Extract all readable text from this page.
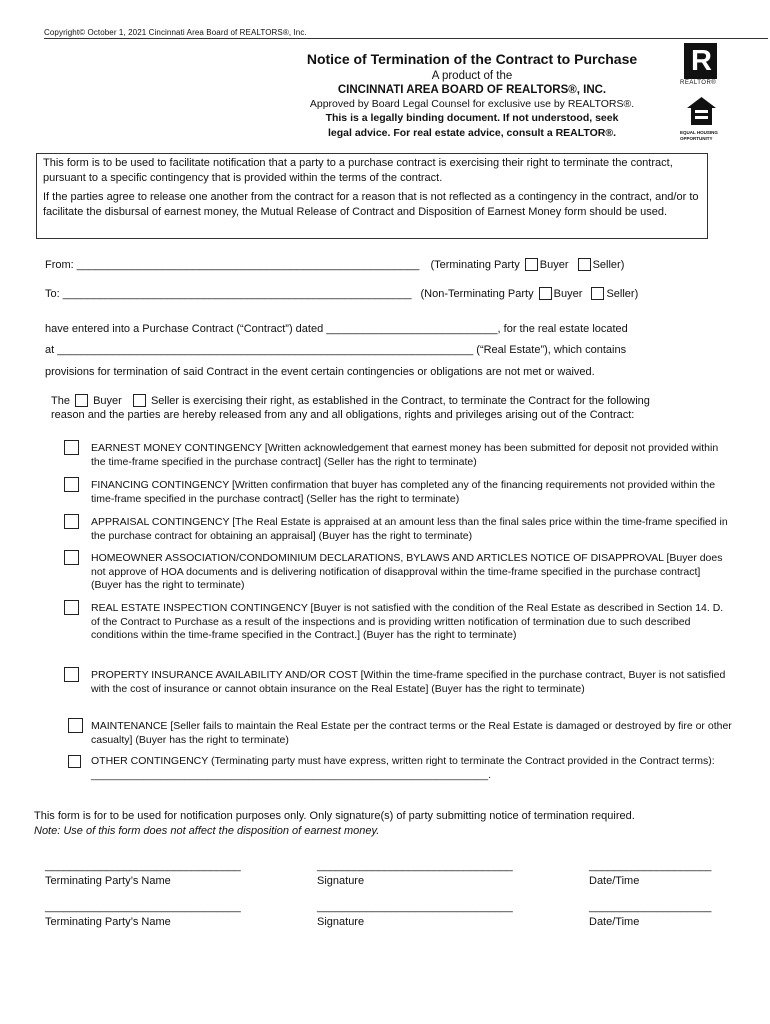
Copyright© October 1, 2021 Cincinnati Area Board of REALTORS®, Inc.
Notice of Termination of the Contract to Purchase
A product of the
CINCINNATI AREA BOARD OF REALTORS®, INC.
Approved by Board Legal Counsel for exclusive use by REALTORS®.
This is a legally binding document. If not understood, seek
legal advice. For real estate advice, consult a REALTOR®.
R
REALTOR®
EQUAL HOUSING
OPPORTUNITY

This form is to be used to facilitate notification that a party to a purchase contract is exercising their right to terminate the contract, pursuant to a specific contingency that is provided within the terms of the contract.

If the parties agree to release one another from the contract for a reason that is not reflected as a contingency in the contract, and/or to facilitate the disbursal of earnest money, the Mutual Release of Contract and Disposition of Earnest Money form should be used.

From: ________________________________________________________ (Terminating Party Buyer Seller)
To: _________________________________________________________ (Non-Terminating Party Buyer Seller)
have entered into a Purchase Contract (“Contract”) dated ____________________________, for the real estate located
at ____________________________________________________________________ (“Real Estate”), which contains
provisions for termination of said Contract in the event certain contingencies or obligations are not met or waived.
The Buyer	Seller is exercising their right, as established in the Contract, to terminate the Contract for the following
reason and the parties are hereby released from any and all obligations, rights and privileges arising out of the Contract:
EARNEST MONEY CONTINGENCY [Written acknowledgement that earnest money has been submitted for deposit not provided within the time-frame specified in the purchase contract] (Seller has the right to terminate)
FINANCING CONTINGENCY [Written confirmation that buyer has completed any of the financing requirements not provided within the time-frame specified in the purchase contract] (Seller has the right to terminate)
APPRAISAL CONTINGENCY [The Real Estate is appraised at an amount less than the final sales price within the time-frame specified in the purchase contract for obtaining an appraisal] (Buyer has the right to terminate)
HOMEOWNER ASSOCIATION/CONDOMINIUM DECLARATIONS, BYLAWS AND ARTICLES NOTICE OF DISAPPROVAL [Buyer does not approve of HOA documents and is delivering notification of disapproval within the time-frame specified in the purchase contract] (Buyer has the right to terminate)
REAL ESTATE INSPECTION CONTINGENCY [Buyer is not satisfied with the condition of the Real Estate as described in Section 14. D. of the Contract to Purchase as a result of the inspections and is providing written notification of termination due to such described conditions within the time-frame specified in the Contract.] (Buyer has the right to terminate)
PROPERTY INSURANCE AVAILABILITY AND/OR COST [Within the time-frame specified in the purchase contract, Buyer is not satisfied with the cost of insurance or cannot obtain insurance on the Real Estate] (Buyer has the right to terminate)
MAINTENANCE [Seller fails to maintain the Real Estate per the contract terms or the Real Estate is damaged or destroyed by fire or other casualty] (Buyer has the right to terminate)
OTHER CONTINGENCY (Terminating party must have express, written right to terminate the Contract provided in the Contract terms): ____________________________________________________________________.
This form is for to be used for notification purposes only. Only signature(s) of party submitting notice of termination required.
Note: Use of this form does not affect the disposition of earnest money.
________________________________
Terminating Party’s Name
________________________________
Signature
____________________
Date/Time
________________________________
Terminating Party’s Name
________________________________
Signature
____________________
Date/Time
